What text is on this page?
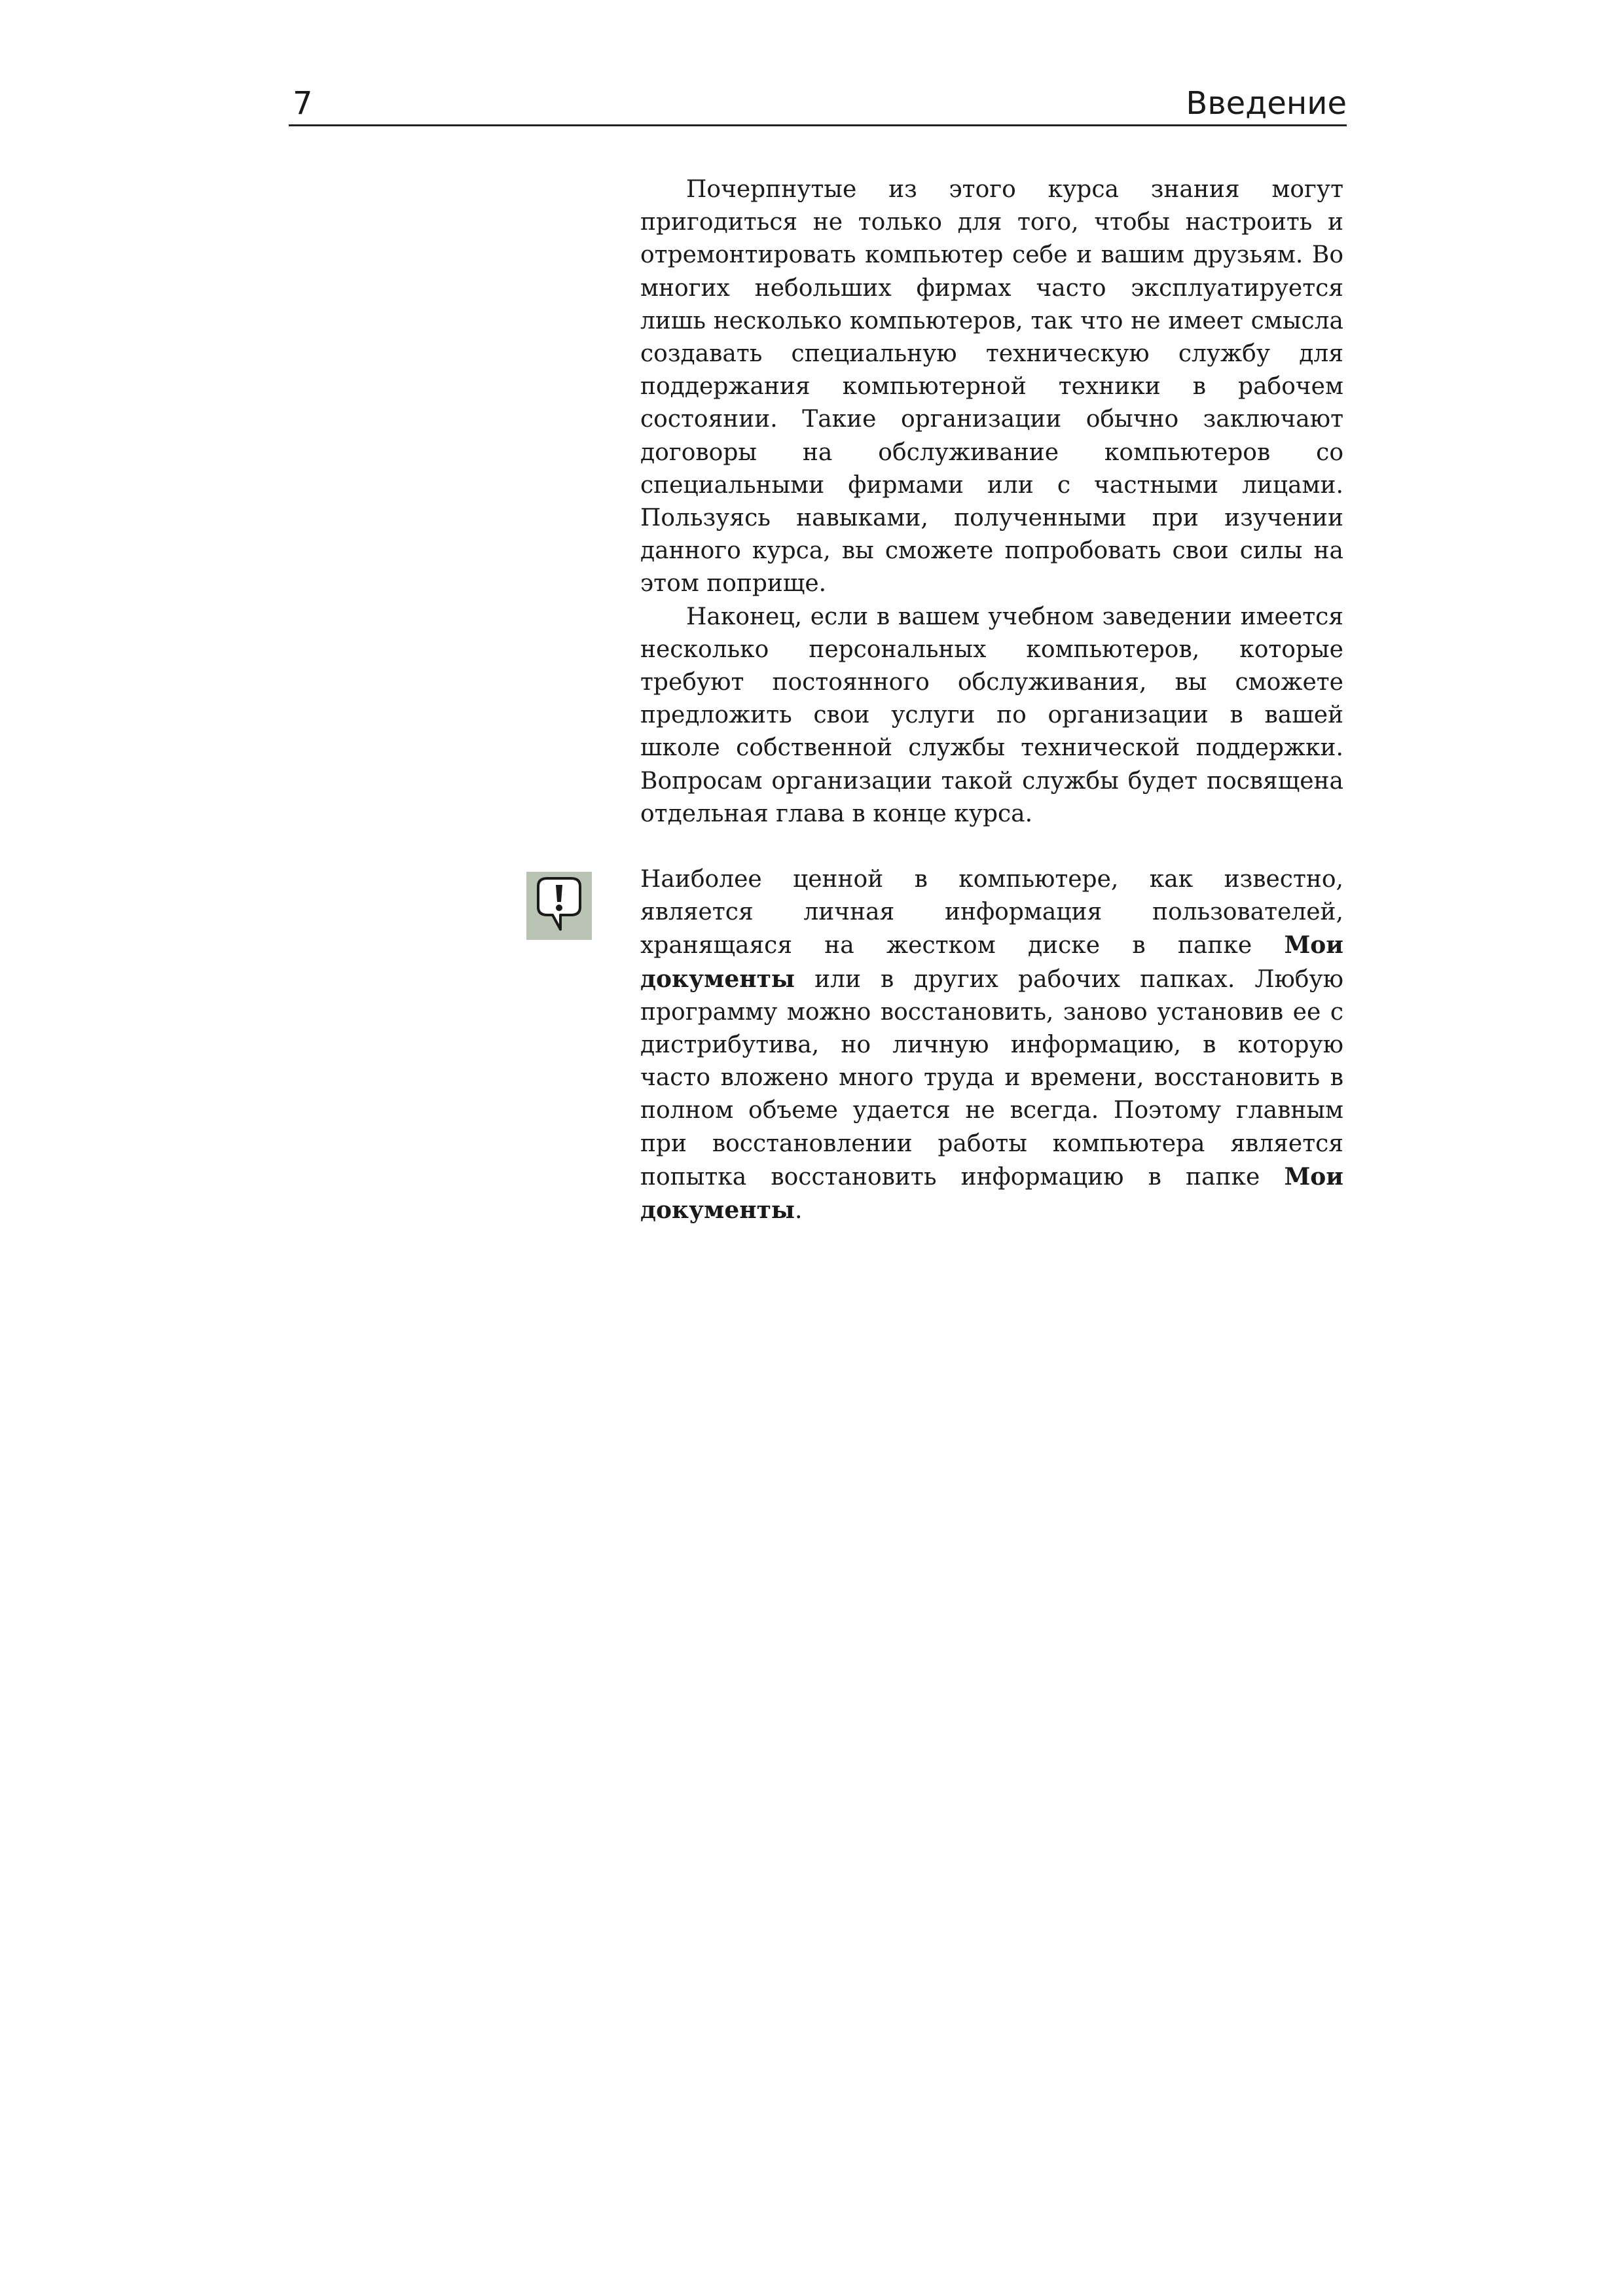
7	Введение

Почерпнутые из этого курса знания могут пригодиться не только для того, чтобы настроить и отремонтировать компьютер себе и вашим друзьям. Во многих небольших фирмах часто эксплуатируется лишь несколько компьютеров, так что не имеет смысла создавать специальную техническую службу для поддержания компьютерной техники в рабочем состоянии. Такие организации обычно заключают договоры на обслуживание компьютеров со специальными фирмами или с частными лицами. Пользуясь навыками, полученными при изучении данного курса, вы сможете попробовать свои силы на этом поприще.

Наконец, если в вашем учебном заведении имеется несколько персональных компьютеров, которые требуют постоянного обслуживания, вы сможете предложить свои услуги по организации в вашей школе собственной службы технической поддержки. Вопросам организации такой службы будет посвящена отдельная глава в конце курса.

Наиболее ценной в компьютере, как известно, является личная информация пользователей, хранящаяся на жестком диске в папке Мои документы или в других рабочих папках. Любую программу можно восстановить, заново установив ее с дистрибутива, но личную информацию, в которую часто вложено много труда и времени, восстановить в полном объеме удается не всегда. Поэтому главным при восстановлении работы компьютера является попытка восстановить информацию в папке Мои документы.
